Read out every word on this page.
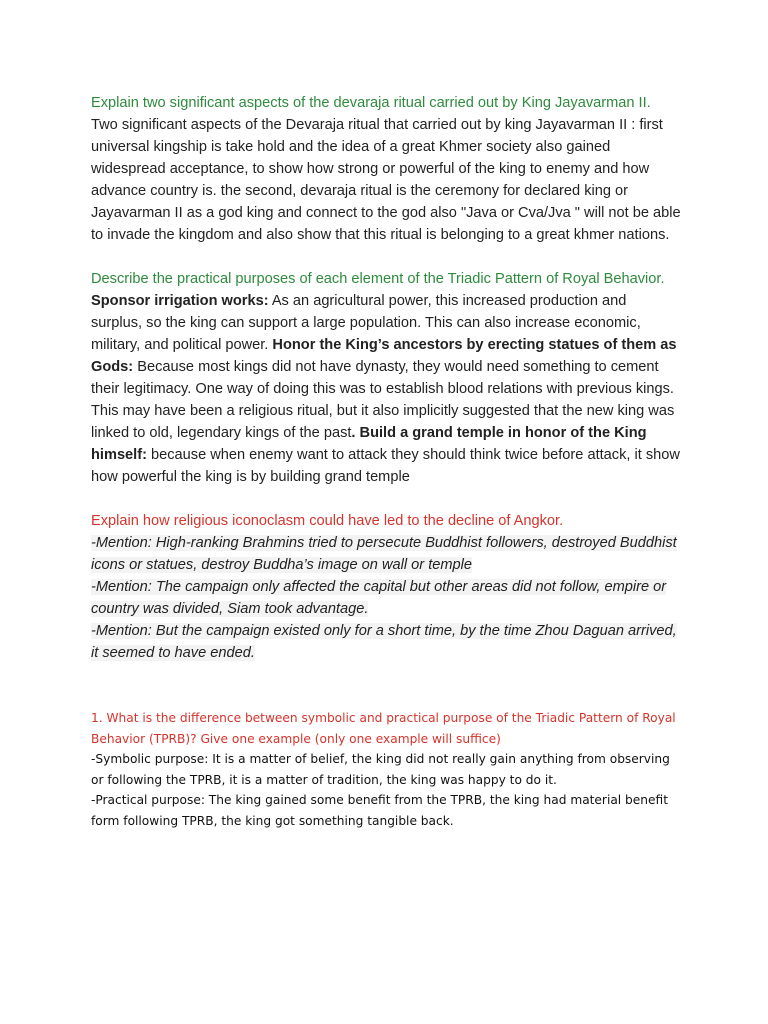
Explain two significant aspects of the devaraja ritual carried out by King Jayavarman II.

Two significant aspects of the Devaraja ritual that carried out by king Jayavarman II : first universal kingship is take hold and the idea of a great Khmer society also gained widespread acceptance, to show how strong or powerful of the king to enemy and how advance country is. the second, devaraja ritual is the ceremony for declared king or Jayavarman II as a god king and connect to the god also "Java or Cva/Jva " will not be able to invade the kingdom and also show that this ritual is belonging to a great khmer nations.

Describe the practical purposes of each element of the Triadic Pattern of Royal Behavior.

Sponsor irrigation works: As an agricultural power, this increased production and surplus, so the king can support a large population. This can also increase economic, military, and political power. Honor the King’s ancestors by erecting statues of them as Gods: Because most kings did not have dynasty, they would need something to cement their legitimacy. One way of doing this was to establish blood relations with previous kings. This may have been a religious ritual, but it also implicitly suggested that the new king was linked to old, legendary kings of the past. Build a grand temple in honor of the King himself: because when enemy want to attack they should think twice before attack, it show how powerful the king is by building grand temple

Explain how religious iconoclasm could have led to the decline of Angkor.

-Mention: High-ranking Brahmins tried to persecute Buddhist followers, destroyed Buddhist icons or statues, destroy Buddha’s image on wall or temple
-Mention: The campaign only affected the capital but other areas did not follow, empire or country was divided, Siam took advantage.
-Mention: But the campaign existed only for a short time, by the time Zhou Daguan arrived, it seemed to have ended.

1. What is the difference between symbolic and practical purpose of the Triadic Pattern of Royal Behavior (TPRB)? Give one example (only one example will suffice)

-Symbolic purpose: It is a matter of belief, the king did not really gain anything from observing or following the TPRB, it is a matter of tradition, the king was happy to do it.

-Practical purpose: The king gained some benefit from the TPRB, the king had material benefit form following TPRB, the king got something tangible back.
